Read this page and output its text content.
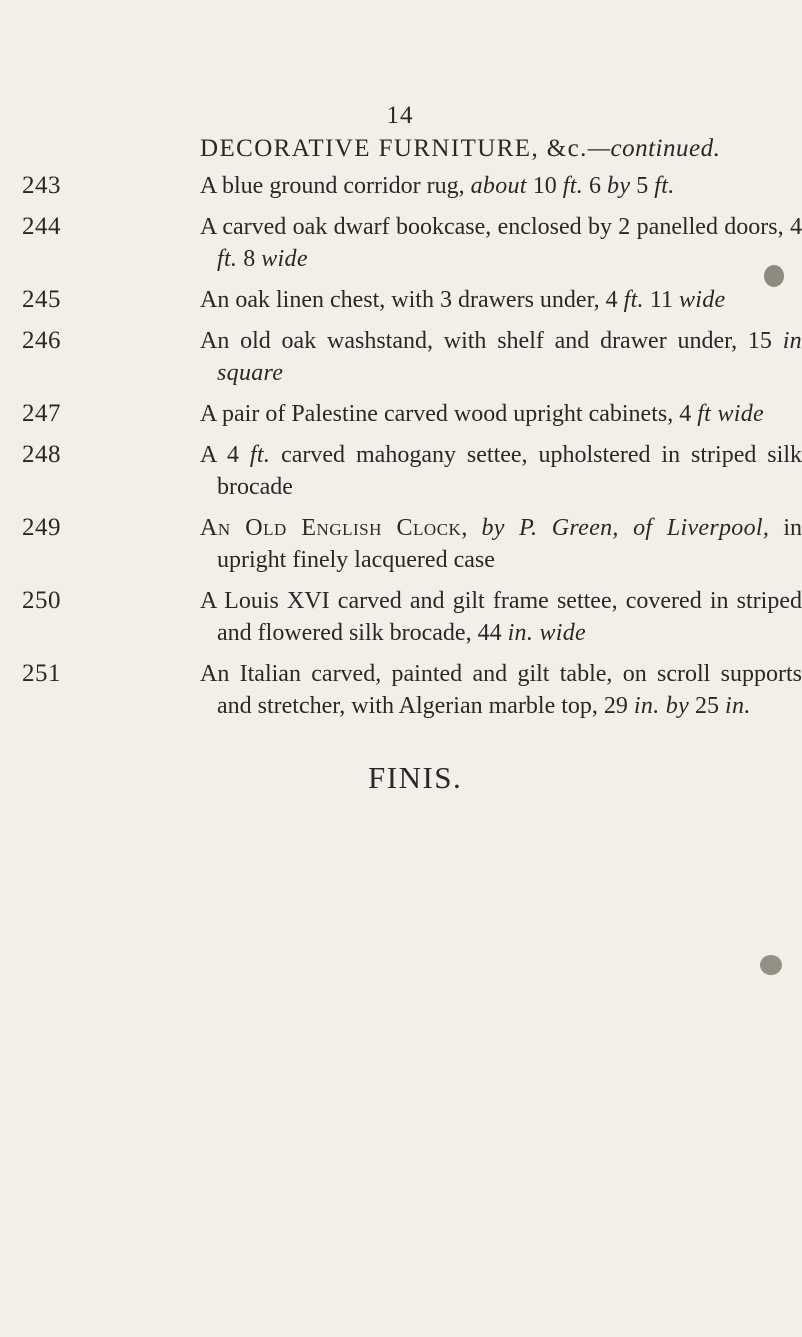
14
DECORATIVE FURNITURE, &c.—continued.
243	A blue ground corridor rug, about 10 ft. 6 by 5 ft.
244	A carved oak dwarf bookcase, enclosed by 2 panelled doors, 4 ft. 8 wide
245	An oak linen chest, with 3 drawers under, 4 ft. 11 wide
246	An old oak washstand, with shelf and drawer under, 15 in square
247	A pair of Palestine carved wood upright cabinets, 4 ft wide
248	A 4 ft. carved mahogany settee, upholstered in striped silk brocade
249	An Old English Clock, by P. Green, of Liverpool, in upright finely lacquered case
250	A Louis XVI carved and gilt frame settee, covered in striped and flowered silk brocade, 44 in. wide
251	An Italian carved, painted and gilt table, on scroll supports and stretcher, with Algerian marble top, 29 in. by 25 in.
FINIS.
